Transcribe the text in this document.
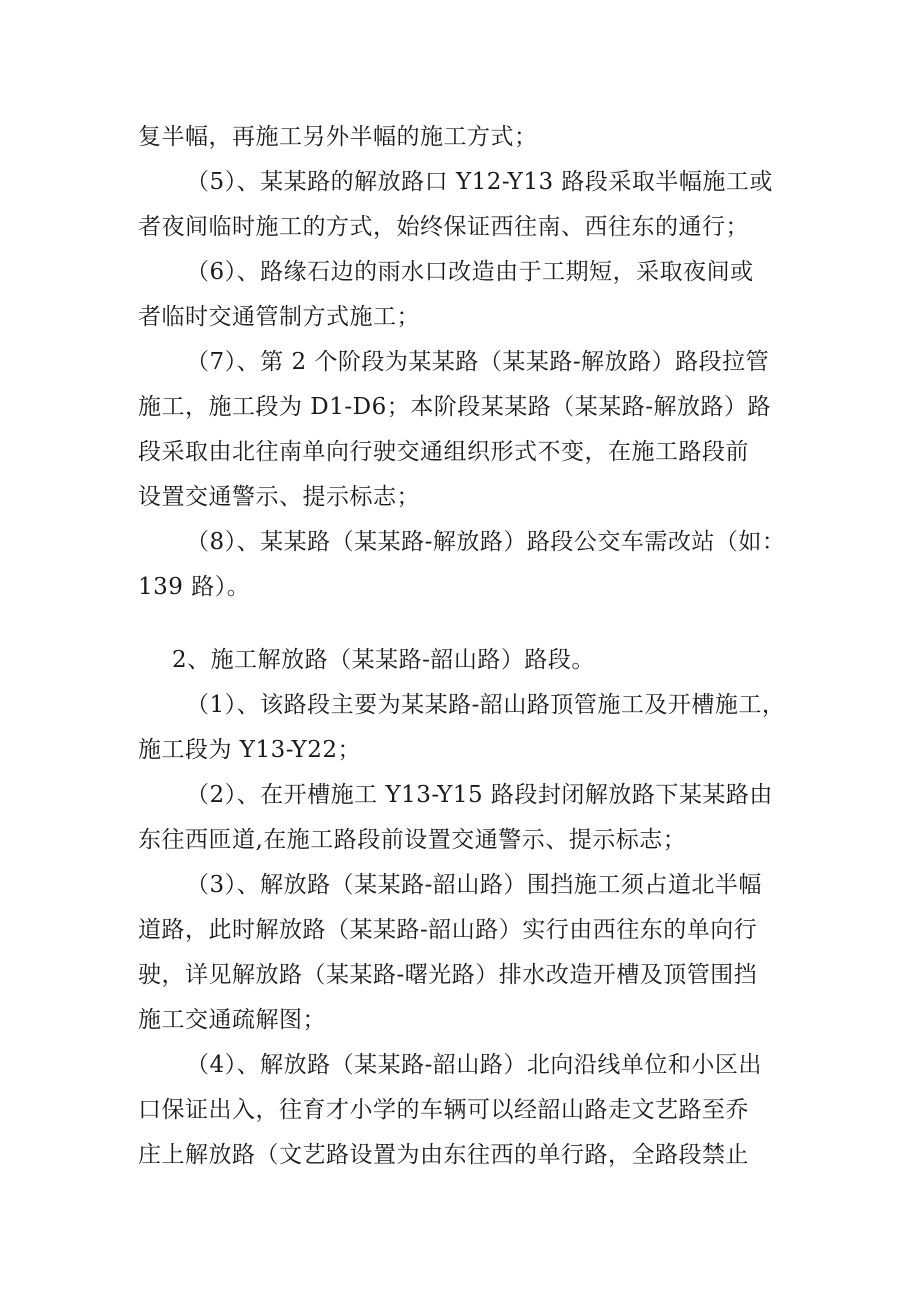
复半幅，再施工另外半幅的施工方式；
（5）、某某路的解放路口 Y12-Y13 路段采取半幅施工或
者夜间临时施工的方式，始终保证西往南、西往东的通行；
（6）、路缘石边的雨水口改造由于工期短，采取夜间或
者临时交通管制方式施工；
（7）、第 2 个阶段为某某路（某某路-解放路）路段拉管
施工，施工段为 D1-D6；本阶段某某路（某某路-解放路）路
段采取由北往南单向行驶交通组织形式不变，在施工路段前
设置交通警示、提示标志；
（8）、某某路（某某路-解放路）路段公交车需改站（如：
139 路）。
2、施工解放路（某某路-韶山路）路段。
（1）、该路段主要为某某路-韶山路顶管施工及开槽施工，
施工段为 Y13-Y22；
（2）、在开槽施工 Y13-Y15 路段封闭解放路下某某路由
东往西匝道,在施工路段前设置交通警示、提示标志；
（3）、解放路（某某路-韶山路）围挡施工须占道北半幅
道路，此时解放路（某某路-韶山路）实行由西往东的单向行
驶，详见解放路（某某路-曙光路）排水改造开槽及顶管围挡
施工交通疏解图；
（4）、解放路（某某路-韶山路）北向沿线单位和小区出
口保证出入，往育才小学的车辆可以经韶山路走文艺路至乔
庄上解放路（文艺路设置为由东往西的单行路，全路段禁止
